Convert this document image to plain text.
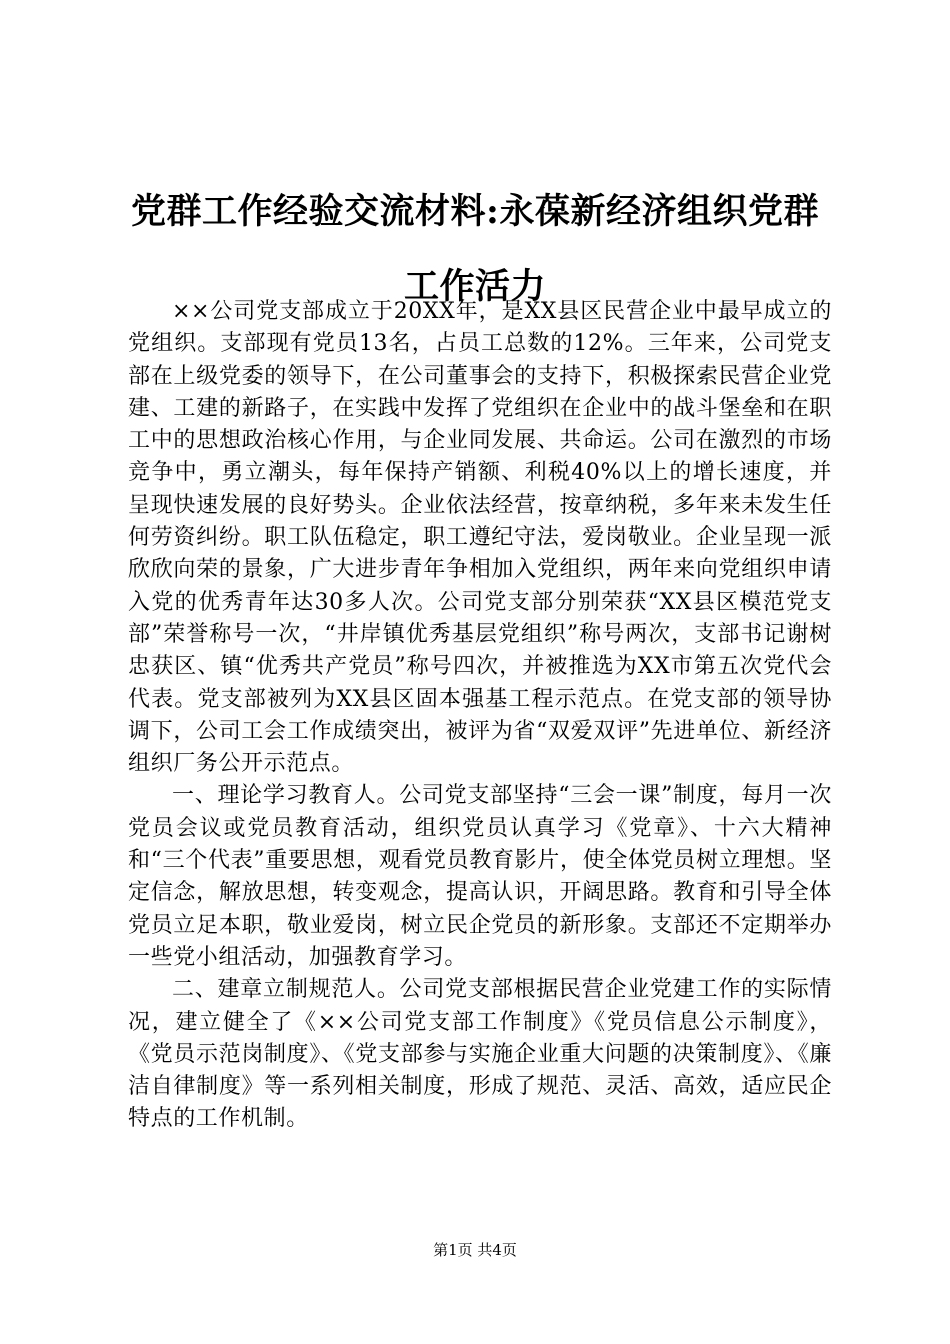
党群工作经验交流材料:永葆新经济组织党群工作活力

××公司党支部成立于20XX年，是XX县区民营企业中最早成立的党组织。支部现有党员13名，占员工总数的12%。三年来，公司党支部在上级党委的领导下，在公司董事会的支持下，积极探索民营企业党建、工建的新路子，在实践中发挥了党组织在企业中的战斗堡垒和在职工中的思想政治核心作用，与企业同发展、共命运。公司在激烈的市场竞争中，勇立潮头，每年保持产销额、利税40%以上的增长速度，并呈现快速发展的良好势头。企业依法经营，按章纳税，多年来未发生任何劳资纠纷。职工队伍稳定，职工遵纪守法，爱岗敬业。企业呈现一派欣欣向荣的景象，广大进步青年争相加入党组织，两年来向党组织申请入党的优秀青年达30多人次。公司党支部分别荣获“XX县区模范党支部”荣誉称号一次，“井岸镇优秀基层党组织”称号两次，支部书记谢树忠获区、镇“优秀共产党员”称号四次，并被推选为XX市第五次党代会代表。党支部被列为XX县区固本强基工程示范点。在党支部的领导协调下，公司工会工作成绩突出，被评为省“双爱双评”先进单位、新经济组织厂务公开示范点。

一、理论学习教育人。公司党支部坚持“三会一课”制度，每月一次党员会议或党员教育活动，组织党员认真学习《党章》、十六大精神和“三个代表”重要思想，观看党员教育影片，使全体党员树立理想。坚定信念，解放思想，转变观念，提高认识，开阔思路。教育和引导全体党员立足本职，敬业爱岗，树立民企党员的新形象。支部还不定期举办一些党小组活动，加强教育学习。

二、建章立制规范人。公司党支部根据民营企业党建工作的实际情况，建立健全了《××公司党支部工作制度》《党员信息公示制度》，《党员示范岗制度》、《党支部参与实施企业重大问题的决策制度》、《廉洁自律制度》等一系列相关制度，形成了规范、灵活、高效，适应民企特点的工作机制。

第1页 共4页
